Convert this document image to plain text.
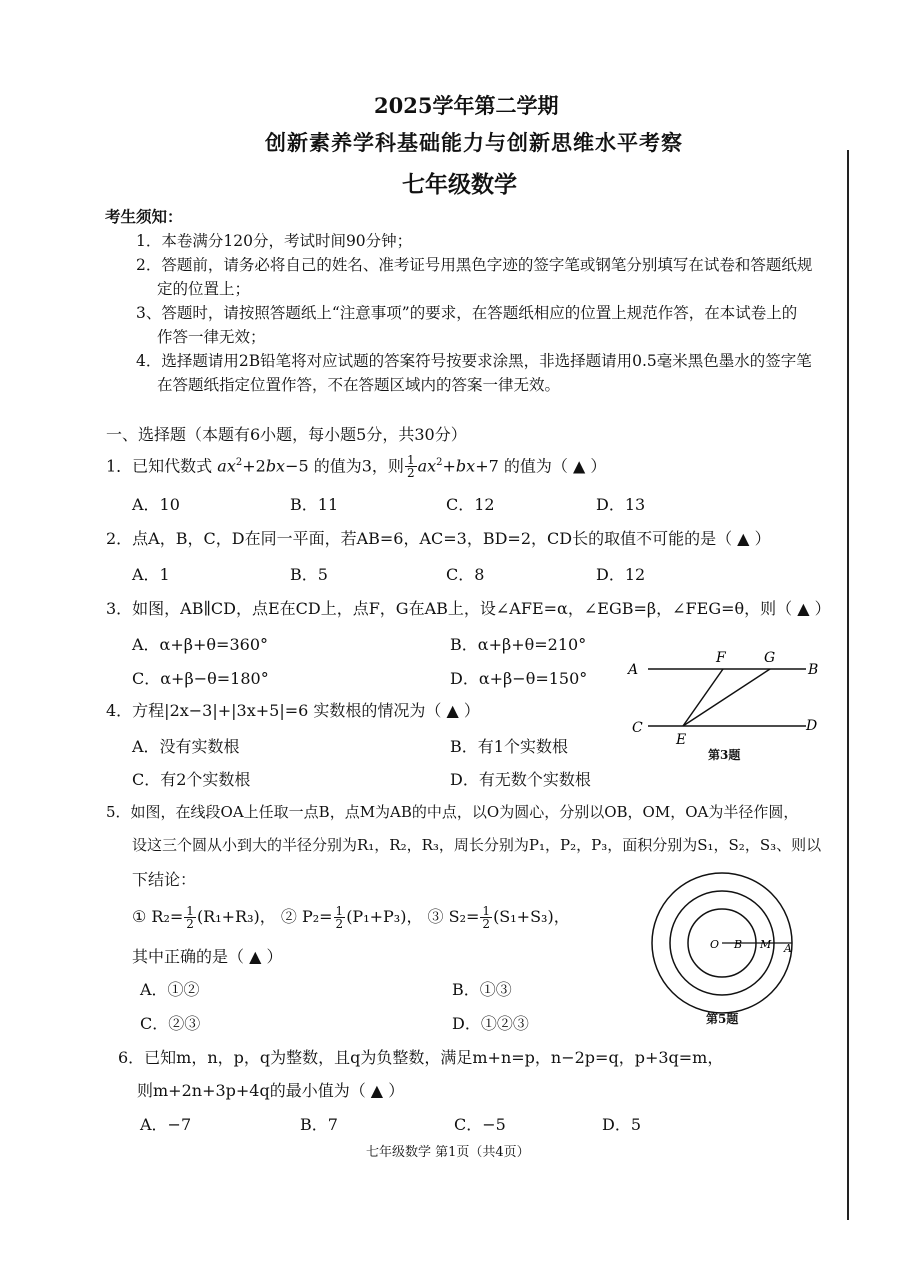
2025学年第二学期
创新素养学科基础能力与创新思维水平考察
七年级数学
考生须知：
1．本卷满分120分，考试时间90分钟；
2．答题前，请务必将自己的姓名、准考证号用黑色字迹的签字笔或钢笔分别填写在试卷和答题纸规
定的位置上；
3、答题时，请按照答题纸上“注意事项”的要求，在答题纸相应的位置上规范作答，在本试卷上的
作答一律无效；
4．选择题请用2B铅笔将对应试题的答案符号按要求涂黑，非选择题请用0.5毫米黑色墨水的签字笔
在答题纸指定位置作答，不在答题区域内的答案一律无效。
一、选择题（本题有6小题，每小题5分，共30分）
1．已知代数式 $ax^2+2bx-5$ 的值为3，则 $\frac{1}{2} ax^2+bx+7$ 的值为（ ▲ ）
A．10	B．11	C．12	D．13
2．点A，B，C，D在同一平面，若AB=6，AC=3，BD=2，CD长的取值不可能的是（ ▲ ）
A．1	B．5	C．8	D．12
3．如图，AB∥CD，点E在CD上，点F，G在AB上，设∠AFE=α，∠EGB=β，∠FEG=θ，则（ ▲ ）
A．α+β+θ=360°	B．α+β+θ=210°
C．α+β−θ=180°	D．α+β−θ=150°	A
F	G
B
C
E
D
第3题
4．方程|2x−3|+|3x+5|=6 实数根的情况为（ ▲ ）
A．没有实数根	B．有1个实数根
C．有2个实数根	D．有无数个实数根
5．如图，在线段OA上任取一点B，点M为AB的中点，以O为圆心，分别以OB，OM，OA为半径作圆，
设这三个圆从小到大的半径分别为R₁，R₂，R₃，周长分别为P₁，P₂，P₃，面积分别为S₁，S₂，S₃、则以
下结论：
① $R_2= \frac{1}{2} (R_1+R_3)$， ② $P_2= \frac{1}{2} (P_1+P_3)$， ③ $S_2= \frac{1}{2} (S_1+S_3)$，
其中正确的是（ ▲ ）
A．①②	B．①③
C．②③	D．①②③
O B M A
第5题
6．已知m，n，p，q为整数，且q为负整数，满足m+n=p，n−2p=q，p+3q=m，
则m+2n+3p+4q的最小值为（ ▲ ）
A．−7	B．7	C．−5	D．5
七年级数学 第1页（共4页）
